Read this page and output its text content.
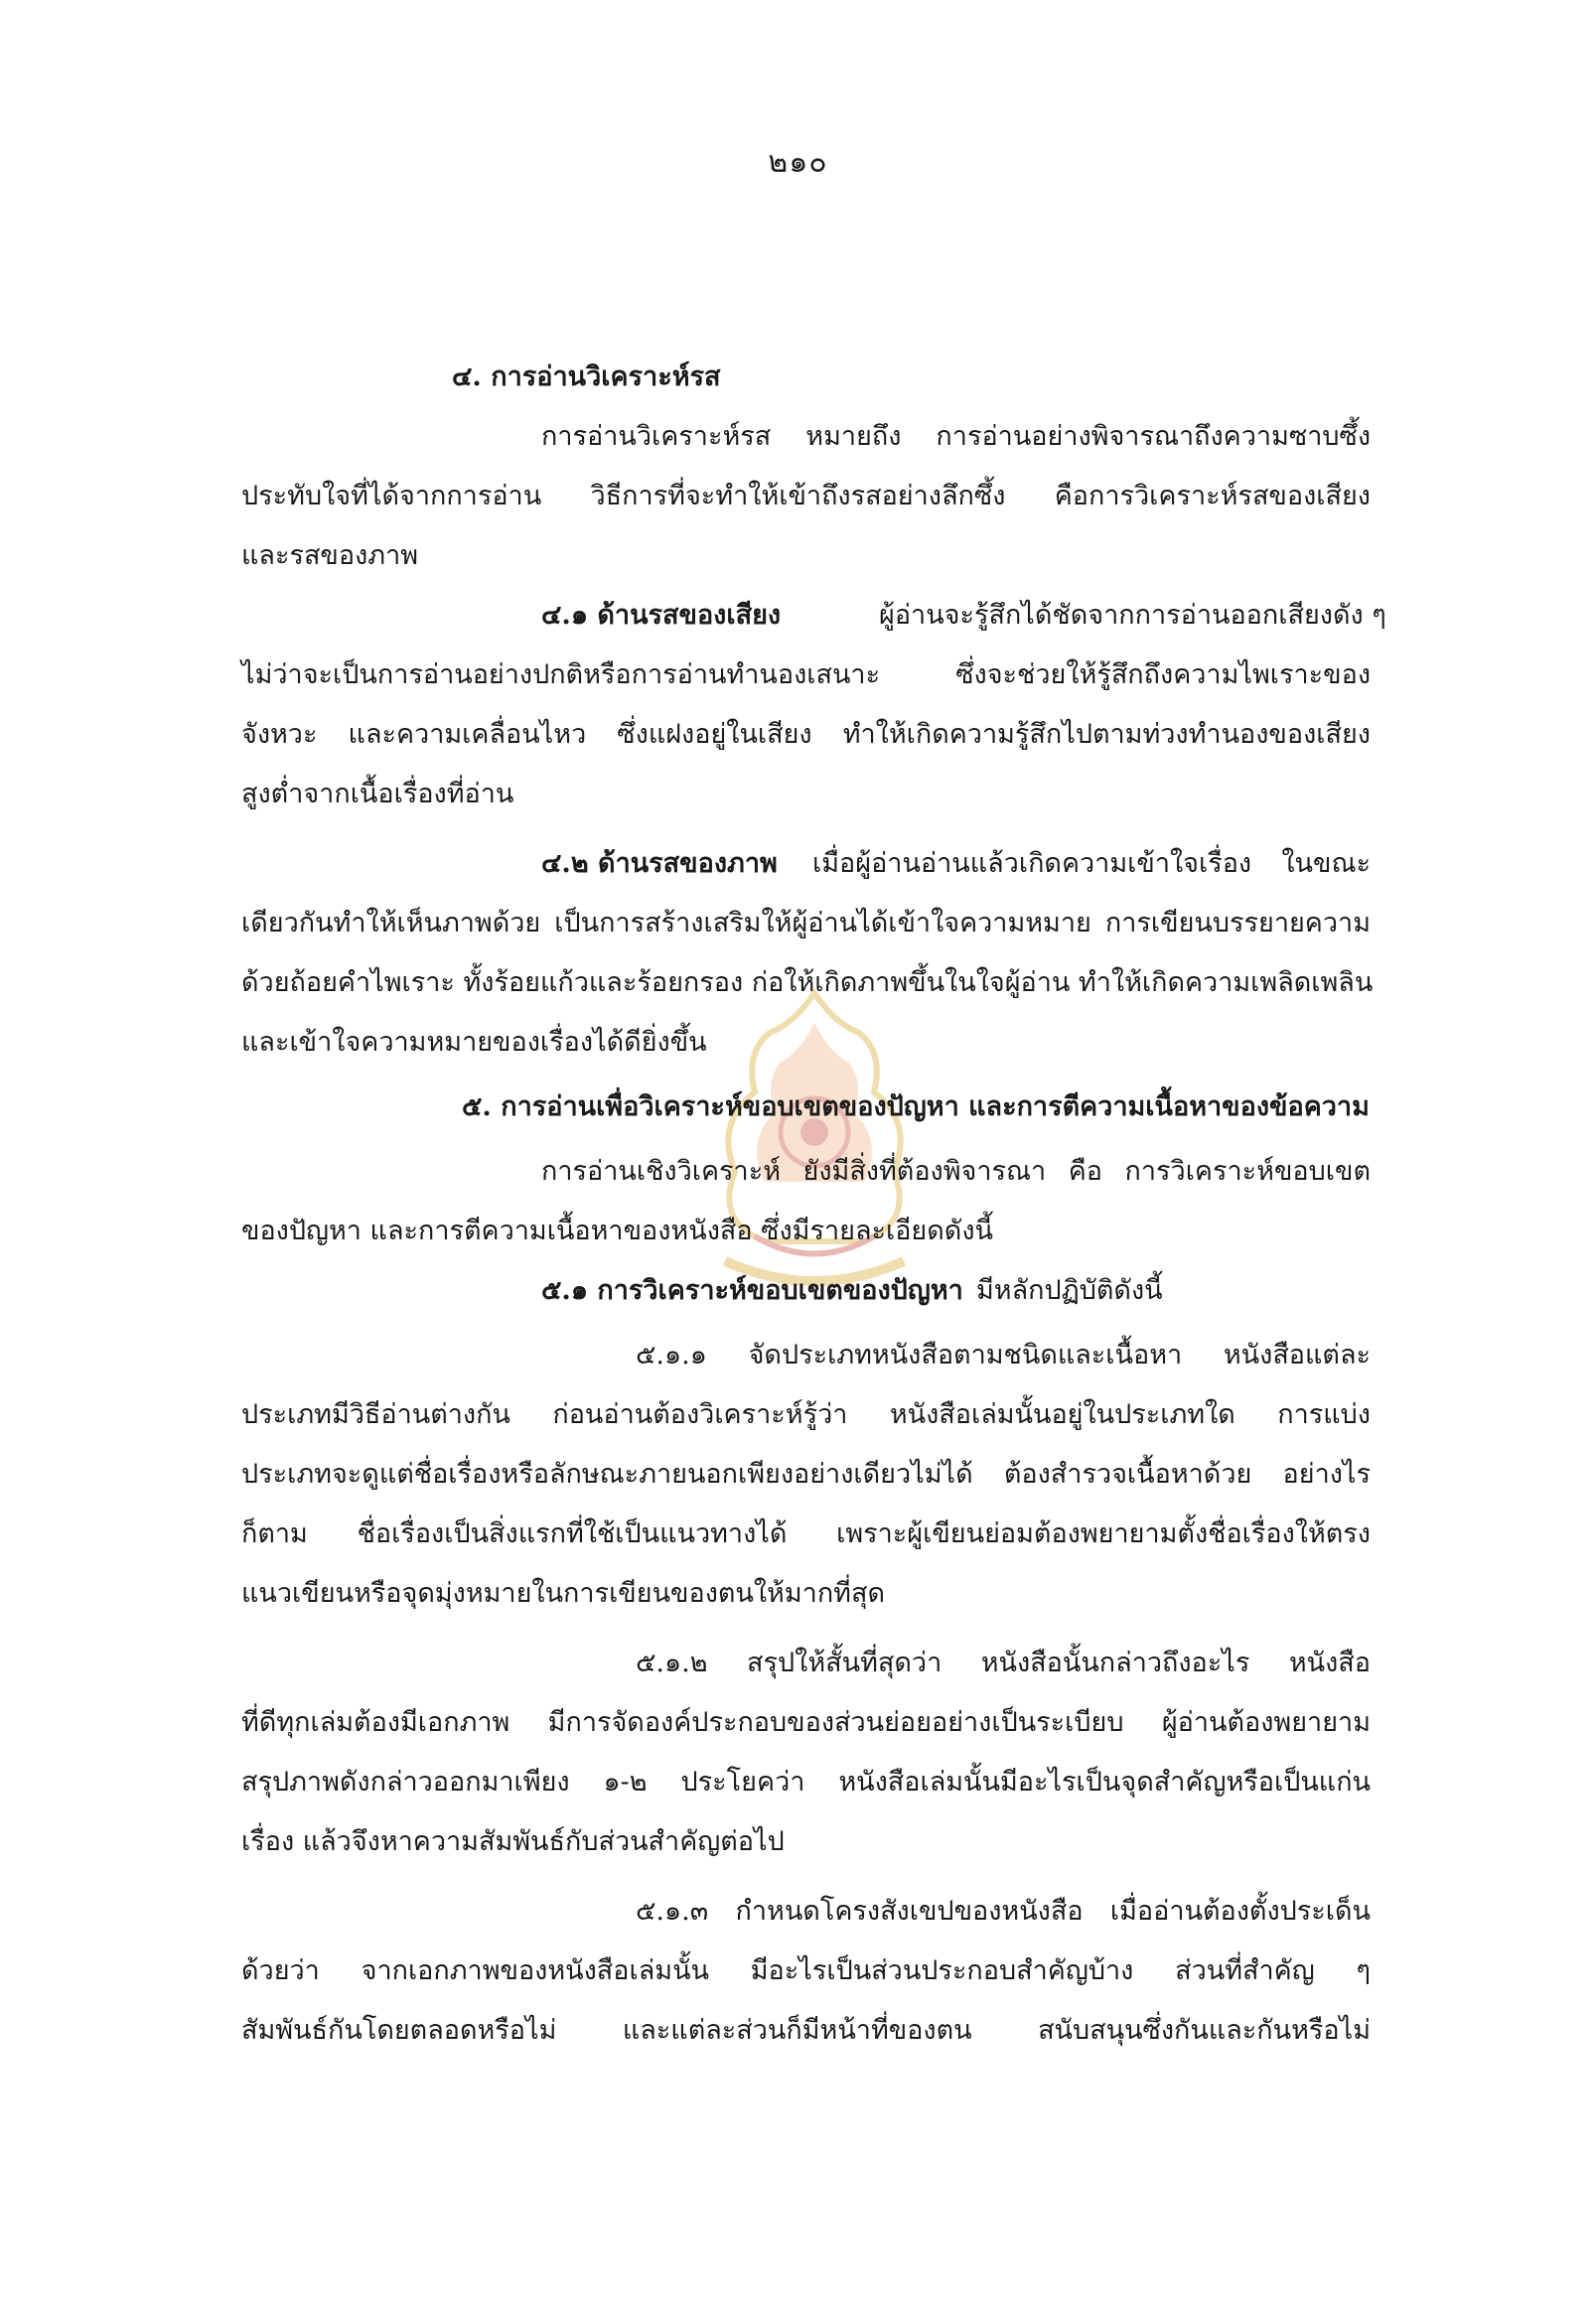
๒๑๐
๔. การอ่านวิเคราะห์รส
การอ่านวิเคราะห์รส หมายถึง การอ่านอย่างพิจารณาถึงความซาบซึ้ง
ประทับใจที่ได้จากการอ่าน วิธีการที่จะทำให้เข้าถึงรสอย่างลึกซึ้ง คือการวิเคราะห์รสของเสียง
และรสของภาพ
๔.๑ ด้านรสของเสียง	ผู้อ่านจะรู้สึกได้ชัดจากการอ่านออกเสียงดัง ๆ
ไม่ว่าจะเป็นการอ่านอย่างปกติหรือการอ่านทำนองเสนาะ ซึ่งจะช่วยให้รู้สึกถึงความไพเราะของ
จังหวะ และความเคลื่อนไหว ซึ่งแฝงอยู่ในเสียง ทำให้เกิดความรู้สึกไปตามท่วงทำนองของเสียง
สูงต่ำจากเนื้อเรื่องที่อ่าน
๔.๒ ด้านรสของภาพ เมื่อผู้อ่านอ่านแล้วเกิดความเข้าใจเรื่อง ในขณะ
เดียวกันทำให้เห็นภาพด้วย เป็นการสร้างเสริมให้ผู้อ่านได้เข้าใจความหมาย การเขียนบรรยายความ
ด้วยถ้อยคำไพเราะ ทั้งร้อยแก้วและร้อยกรอง ก่อให้เกิดภาพขึ้นในใจผู้อ่าน ทำให้เกิดความเพลิดเพลิน
และเข้าใจความหมายของเรื่องได้ดียิ่งขึ้น
๕. การอ่านเพื่อวิเคราะห์ขอบเขตของปัญหา และการตีความเนื้อหาของข้อความ
การอ่านเชิงวิเคราะห์ ยังมีสิ่งที่ต้องพิจารณา คือ การวิเคราะห์ขอบเขต
ของปัญหา และการตีความเนื้อหาของหนังสือ ซึ่งมีรายละเอียดดังนี้
๕.๑ การวิเคราะห์ขอบเขตของปัญหา มีหลักปฏิบัติดังนี้
๕.๑.๑ จัดประเภทหนังสือตามชนิดและเนื้อหา หนังสือแต่ละ
ประเภทมีวิธีอ่านต่างกัน ก่อนอ่านต้องวิเคราะห์รู้ว่า หนังสือเล่มนั้นอยู่ในประเภทใด การแบ่ง
ประเภทจะดูแต่ชื่อเรื่องหรือลักษณะภายนอกเพียงอย่างเดียวไม่ได้ ต้องสำรวจเนื้อหาด้วย อย่างไร
ก็ตาม ชื่อเรื่องเป็นสิ่งแรกที่ใช้เป็นแนวทางได้ เพราะผู้เขียนย่อมต้องพยายามตั้งชื่อเรื่องให้ตรง
แนวเขียนหรือจุดมุ่งหมายในการเขียนของตนให้มากที่สุด
๕.๑.๒ สรุปให้สั้นที่สุดว่า หนังสือนั้นกล่าวถึงอะไร หนังสือ
ที่ดีทุกเล่มต้องมีเอกภาพ มีการจัดองค์ประกอบของส่วนย่อยอย่างเป็นระเบียบ ผู้อ่านต้องพยายาม
สรุปภาพดังกล่าวออกมาเพียง ๑-๒ ประโยคว่า หนังสือเล่มนั้นมีอะไรเป็นจุดสำคัญหรือเป็นแก่น
เรื่อง แล้วจึงหาความสัมพันธ์กับส่วนสำคัญต่อไป
๕.๑.๓ กำหนดโครงสังเขปของหนังสือ เมื่ออ่านต้องตั้งประเด็น
ด้วยว่า จากเอกภาพของหนังสือเล่มนั้น มีอะไรเป็นส่วนประกอบสำคัญบ้าง ส่วนที่สำคัญ ๆ
สัมพันธ์กันโดยตลอดหรือไม่ และแต่ละส่วนก็มีหน้าที่ของตน สนับสนุนซึ่งกันและกันหรือไม่
